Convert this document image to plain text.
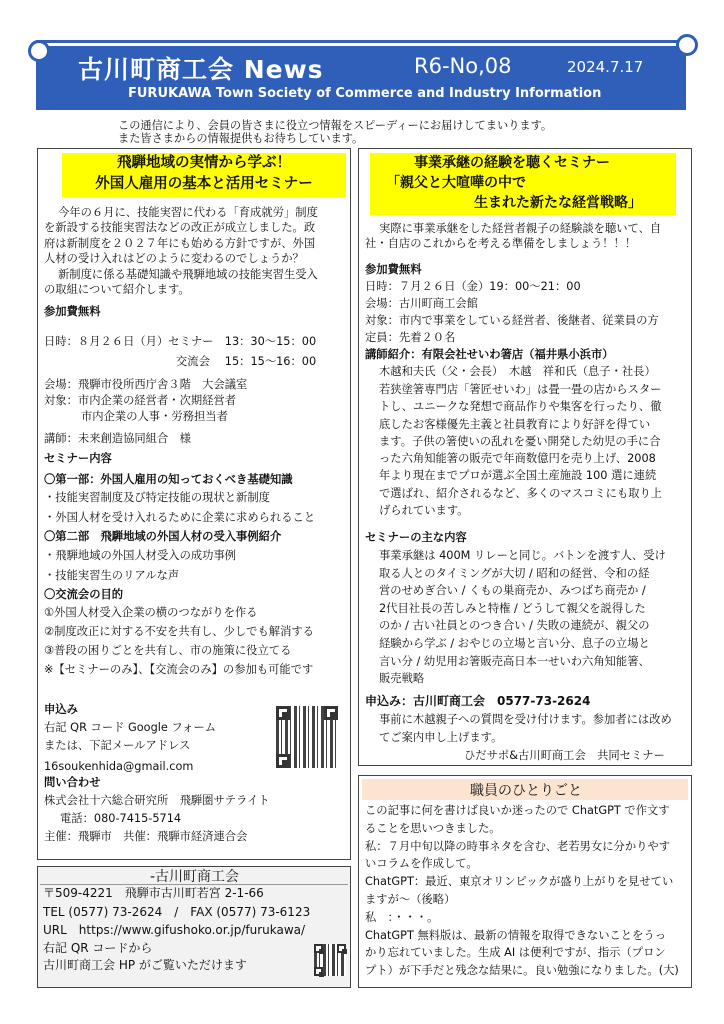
古川町商工会 News	R6-No,08	2024.7.17
FURUKAWA Town Society of Commerce and Industry Information
この通信により、会員の皆さまに役立つ情報をスピーディーにお届けしてまいります。
また皆さまからの情報提供もお待ちしています。
飛騨地域の実情から学ぶ！
外国人雇用の基本と活用セミナー
今年の６月に、技能実習に代わる「育成就労」制度
を新設する技能実習法などの改正が成立しました。政
府は新制度を２０２７年にも始める方針ですが、外国
人材の受け入れはどのように変わるのでしょうか？
新制度に係る基礎知識や飛騨地域の技能実習生受入
の取組について紹介します。
参加費無料
日時：８月２６日（月）セミナー　13：30～15：00
交流会　 15：15～16：00
会場：飛騨市役所西庁舎３階　大会議室
対象：市内企業の経営者・次期経営者
市内企業の人事・労務担当者
講師：未来創造協同組合　様
セミナー内容
〇第一部：外国人雇用の知っておくべき基礎知識
・技能実習制度及び特定技能の現状と新制度
・外国人材を受け入れるために企業に求められること
〇第二部　飛騨地域の外国人材の受入事例紹介
・飛騨地域の外国人材受入の成功事例
・技能実習生のリアルな声
〇交流会の目的
①外国人材受入企業の横のつながりを作る
②制度改正に対する不安を共有し、少しでも解消する
③普段の困りごとを共有し、市の施策に役立てる
※【セミナーのみ】、【交流会のみ】の参加も可能です
申込み
右記 QR コード Google フォーム
または、下記メールアドレス
16soukenhida@gmail.com
問い合わせ
株式会社十六総合研究所　飛騨圏サテライト
電話：080-7415-5714
主催：飛騨市　共催：飛騨市経済連合会
-古川町商工会
〒509-4221　飛騨市古川町若宮 2-1-66
TEL (0577) 73-2624　/　FAX (0577) 73-6123
URL　https://www.gifushoko.or.jp/furukawa/
右記 QR コードから
古川町商工会 HP がご覧いただけます
事業承継の経験を聴くセミナー
「親父と大喧嘩の中で
生まれた新たな経営戦略」
実際に事業承継をした経営者親子の経験談を聴いて、自
社・自店のこれからを考える準備をしましょう！！！
参加費無料
日時：７月２６日（金）19：00～21：00
会場：古川町商工会館
対象：市内で事業をしている経営者、後継者、従業員の方
定員：先着２０名
講師紹介：有限会社せいわ箸店（福井県小浜市）
木越和夫氏（父・会長）　木越　祥和氏（息子・社長）
若狭塗箸専門店「箸匠せいわ」は畳一畳の店からスター
トし、ユニークな発想で商品作りや集客を行ったり、徹
底したお客様優先主義と社員教育により好評を得てい
ます。子供の箸使いの乱れを憂い開発した幼児の手に合
った六角知能箸の販売で年商数億円を売り上げ、2008
年より現在までプロが選ぶ全国土産施設 100 選に連続
で選ばれ、紹介されるなど、多くのマスコミにも取り上
げられています。
セミナーの主な内容
事業承継は 400M リレーと同じ。バトンを渡す人、受け
取る人とのタイミングが大切 / 昭和の経営、令和の経
営のせめぎ合い / くもの巣商売か、みつばち商売か /
2代目社長の苦しみと特権 / どうして親父を説得した
のか / 古い社員とのつき合い / 失敗の連続が、親父の
経験から学ぶ / おやじの立場と言い分、息子の立場と
言い分 / 幼児用お箸販売高日本一せいわ六角知能箸、
販売戦略
申込み：古川町商工会　0577-73-2624
事前に木越親子への質問を受け付けます。参加者には改め
てご案内申し上げます。
ひだサポ&古川町商工会　共同セミナー
職員のひとりごと
この記事に何を書けば良いか迷ったので ChatGPT で作文す
ることを思いつきました。
私：７月中旬以降の時事ネタを含む、老若男女に分かりやす
いコラムを作成して。
ChatGPT：最近、東京オリンピックが盛り上がりを見せてい
ますが～（後略）
私　：・・・。
ChatGPT 無料版は、最新の情報を取得できないことをうっ
かり忘れていました。生成 AI は便利ですが、指示（プロン
プト）が下手だと残念な結果に。良い勉強になりました。(大)
